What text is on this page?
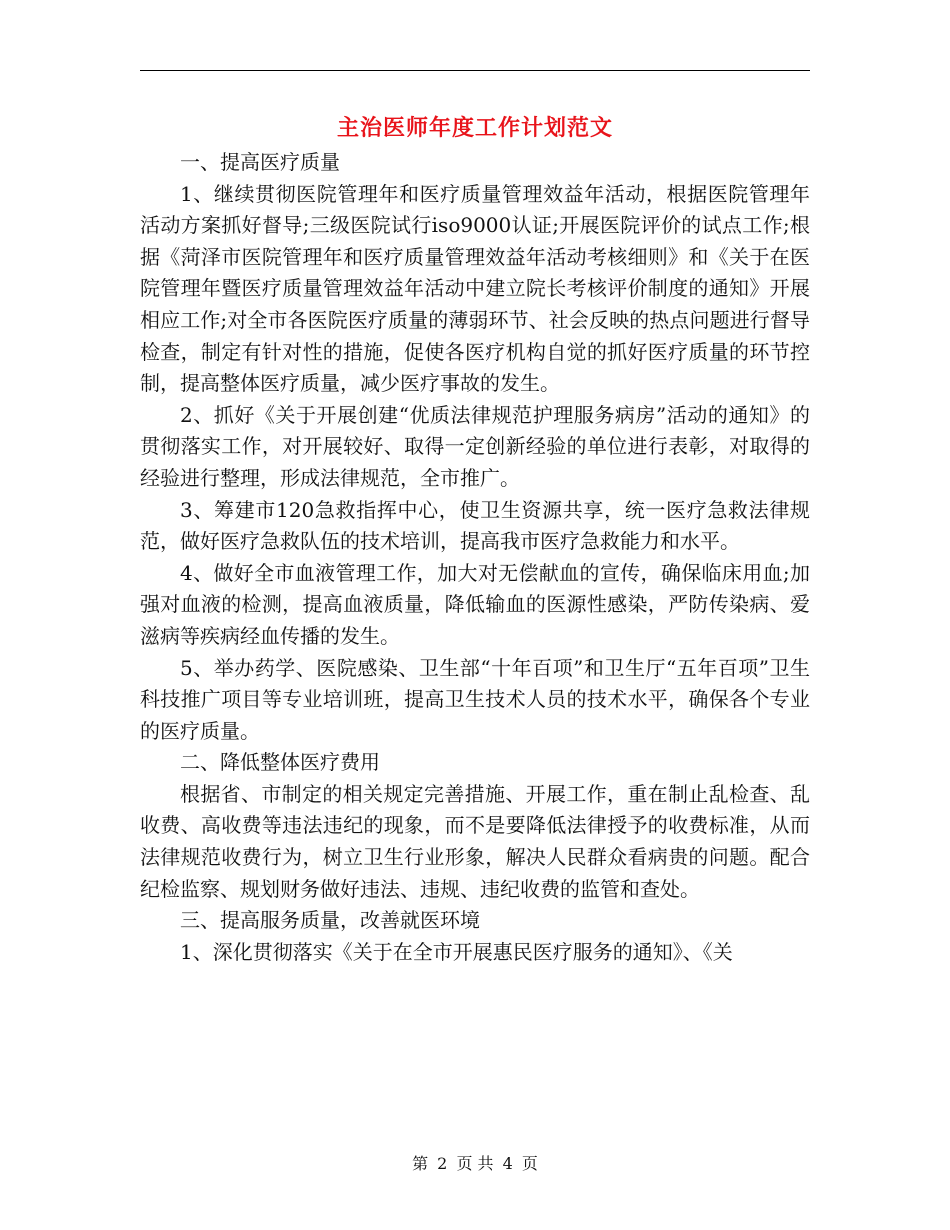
主治医师年度工作计划范文

一、提高医疗质量

1、继续贯彻医院管理年和医疗质量管理效益年活动，根据医院管理年活动方案抓好督导;三级医院试行iso9000认证;开展医院评价的试点工作;根据《菏泽市医院管理年和医疗质量管理效益年活动考核细则》和《关于在医院管理年暨医疗质量管理效益年活动中建立院长考核评价制度的通知》开展相应工作;对全市各医院医疗质量的薄弱环节、社会反映的热点问题进行督导检查，制定有针对性的措施，促使各医疗机构自觉的抓好医疗质量的环节控制，提高整体医疗质量，减少医疗事故的发生。

2、抓好《关于开展创建“优质法律规范护理服务病房”活动的通知》的贯彻落实工作，对开展较好、取得一定创新经验的单位进行表彰，对取得的经验进行整理，形成法律规范，全市推广。

3、筹建市120急救指挥中心，使卫生资源共享，统一医疗急救法律规范，做好医疗急救队伍的技术培训，提高我市医疗急救能力和水平。

4、做好全市血液管理工作，加大对无偿献血的宣传，确保临床用血;加强对血液的检测，提高血液质量，降低输血的医源性感染，严防传染病、爱滋病等疾病经血传播的发生。

5、举办药学、医院感染、卫生部“十年百项”和卫生厅“五年百项”卫生科技推广项目等专业培训班，提高卫生技术人员的技术水平，确保各个专业的医疗质量。

二、降低整体医疗费用

根据省、市制定的相关规定完善措施、开展工作，重在制止乱检查、乱收费、高收费等违法违纪的现象，而不是要降低法律授予的收费标准，从而法律规范收费行为，树立卫生行业形象，解决人民群众看病贵的问题。配合纪检监察、规划财务做好违法、违规、违纪收费的监管和查处。

三、提高服务质量，改善就医环境

1、深化贯彻落实《关于在全市开展惠民医疗服务的通知》、《关

第 2 页 共 4 页
